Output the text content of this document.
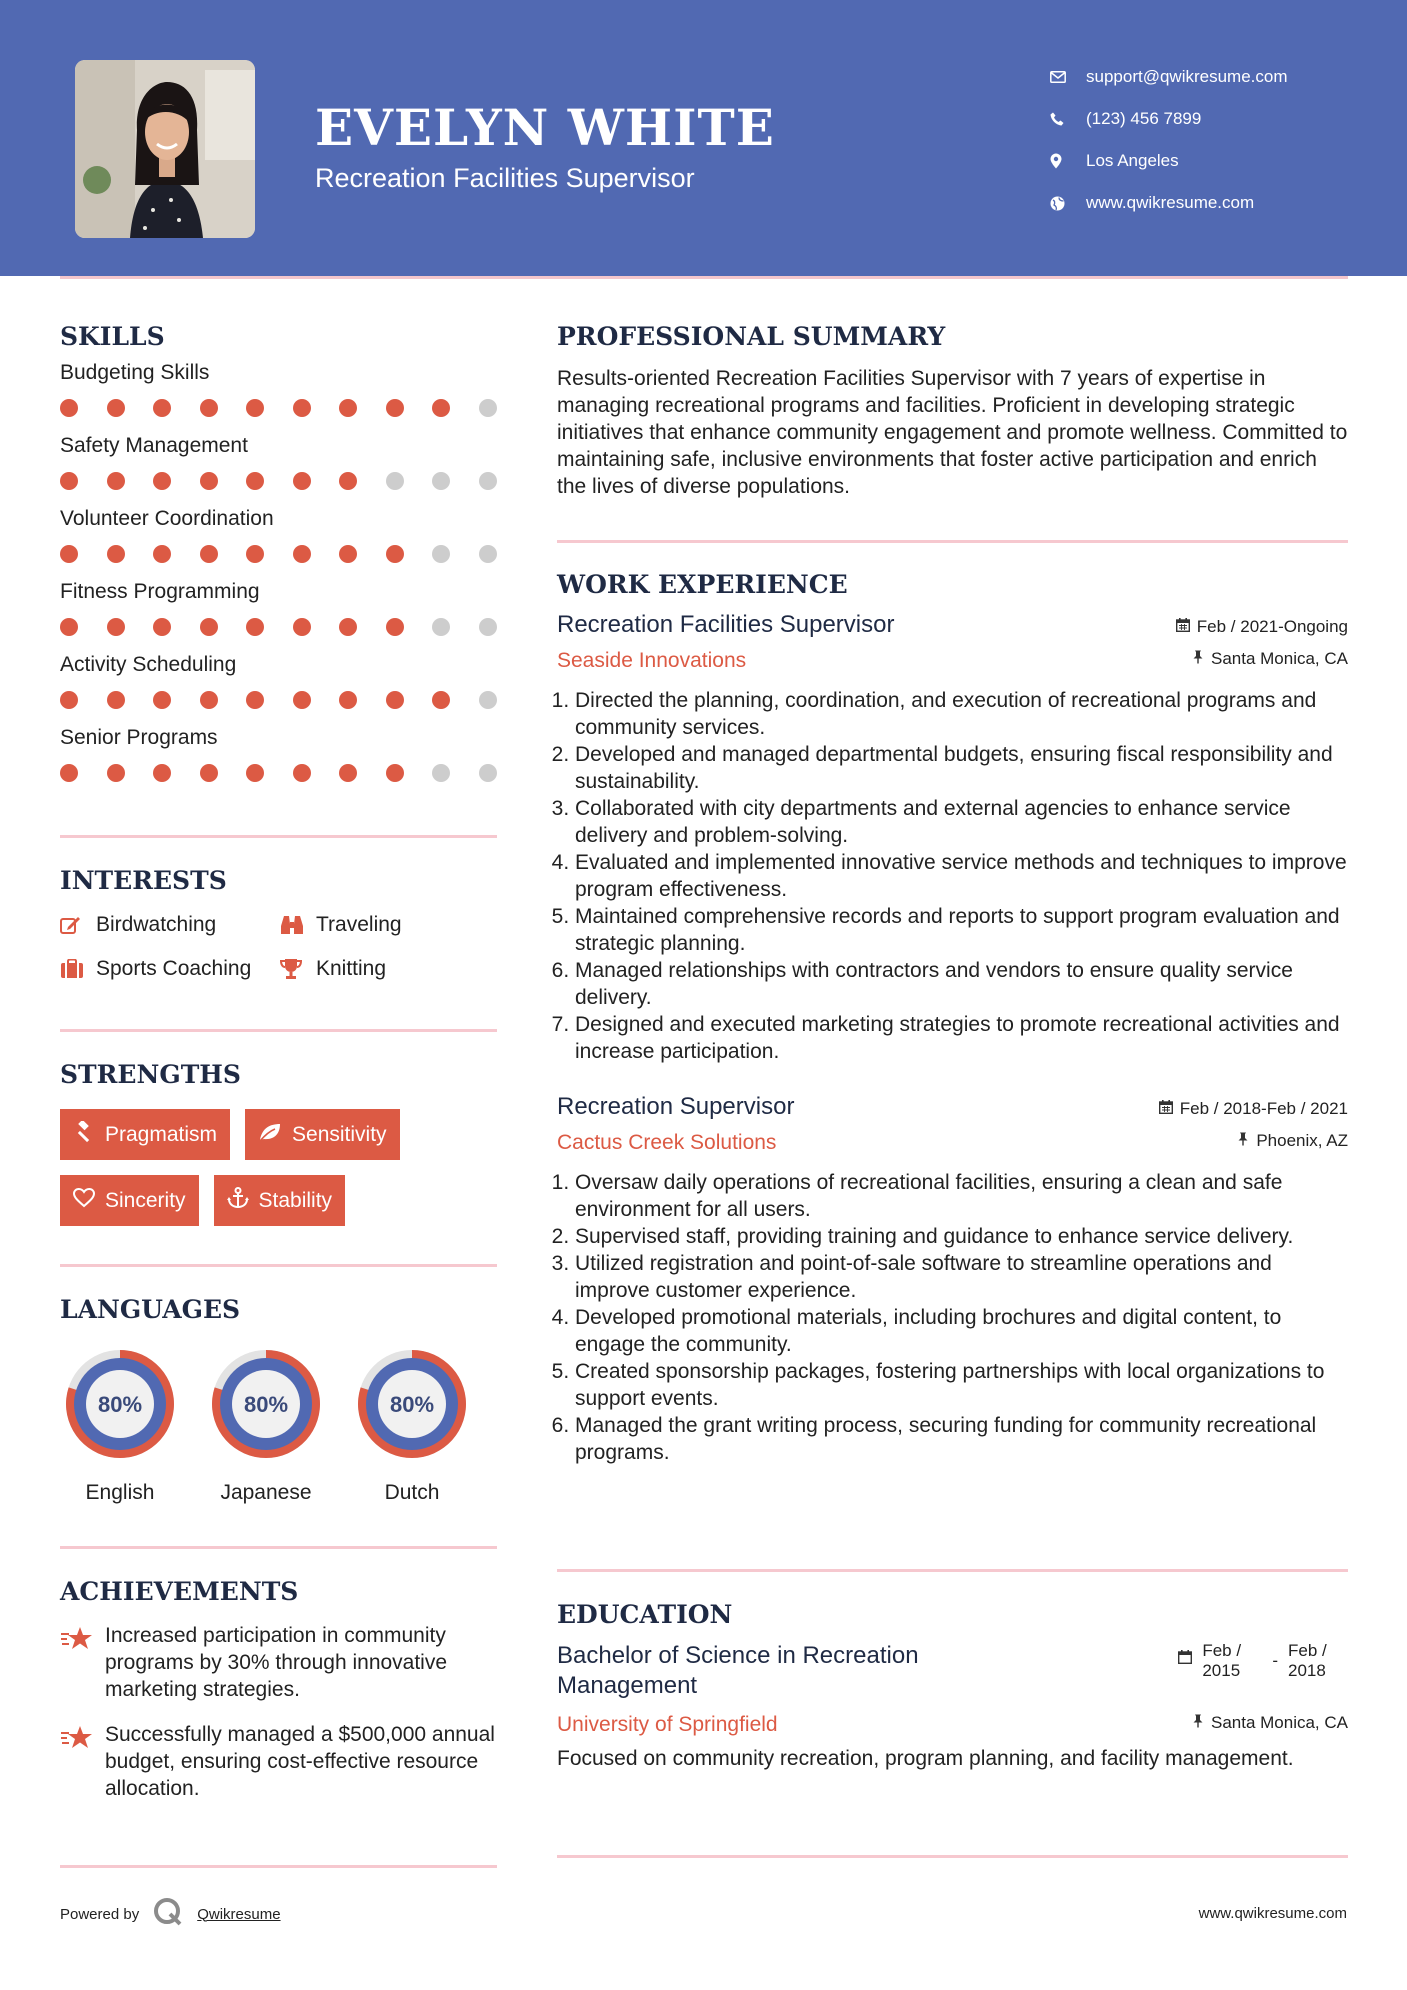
EVELYN WHITE
Recreation Facilities Supervisor
support@qwikresume.com
(123) 456 7899
Los Angeles
www.qwikresume.com
SKILLS
Budgeting Skills
Safety Management
Volunteer Coordination
Fitness Programming
Activity Scheduling
Senior Programs
INTERESTS
Birdwatching	Traveling
Sports Coaching	Knitting
STRENGTHS
Pragmatism	Sensitivity
Sincerity	Stability
LANGUAGES
80%
English
80%
Japanese
80%
Dutch
ACHIEVEMENTS
Increased participation in community programs by 30% through innovative marketing strategies.
Successfully managed a $500,000 annual budget, ensuring cost-effective resource allocation.
PROFESSIONAL SUMMARY
Results-oriented Recreation Facilities Supervisor with 7 years of expertise in managing recreational programs and facilities. Proficient in developing strategic initiatives that enhance community engagement and promote wellness. Committed to maintaining safe, inclusive environments that foster active participation and enrich the lives of diverse populations.
WORK EXPERIENCE
Recreation Facilities Supervisor	Feb / 2021-Ongoing
Seaside Innovations	Santa Monica, CA
1. Directed the planning, coordination, and execution of recreational programs and community services.
2. Developed and managed departmental budgets, ensuring fiscal responsibility and sustainability.
3. Collaborated with city departments and external agencies to enhance service delivery and problem-solving.
4. Evaluated and implemented innovative service methods and techniques to improve program effectiveness.
5. Maintained comprehensive records and reports to support program evaluation and strategic planning.
6. Managed relationships with contractors and vendors to ensure quality service delivery.
7. Designed and executed marketing strategies to promote recreational activities and increase participation.
Recreation Supervisor	Feb / 2018-Feb / 2021
Cactus Creek Solutions	Phoenix, AZ
1. Oversaw daily operations of recreational facilities, ensuring a clean and safe environment for all users.
2. Supervised staff, providing training and guidance to enhance service delivery.
3. Utilized registration and point-of-sale software to streamline operations and improve customer experience.
4. Developed promotional materials, including brochures and digital content, to engage the community.
5. Created sponsorship packages, fostering partnerships with local organizations to support events.
6. Managed the grant writing process, securing funding for community recreational programs.
EDUCATION
Bachelor of Science in Recreation Management
Feb / 2015
-
Feb / 2018
University of Springfield	Santa Monica, CA
Focused on community recreation, program planning, and facility management.
Powered by	Qwikresume	www.qwikresume.com
